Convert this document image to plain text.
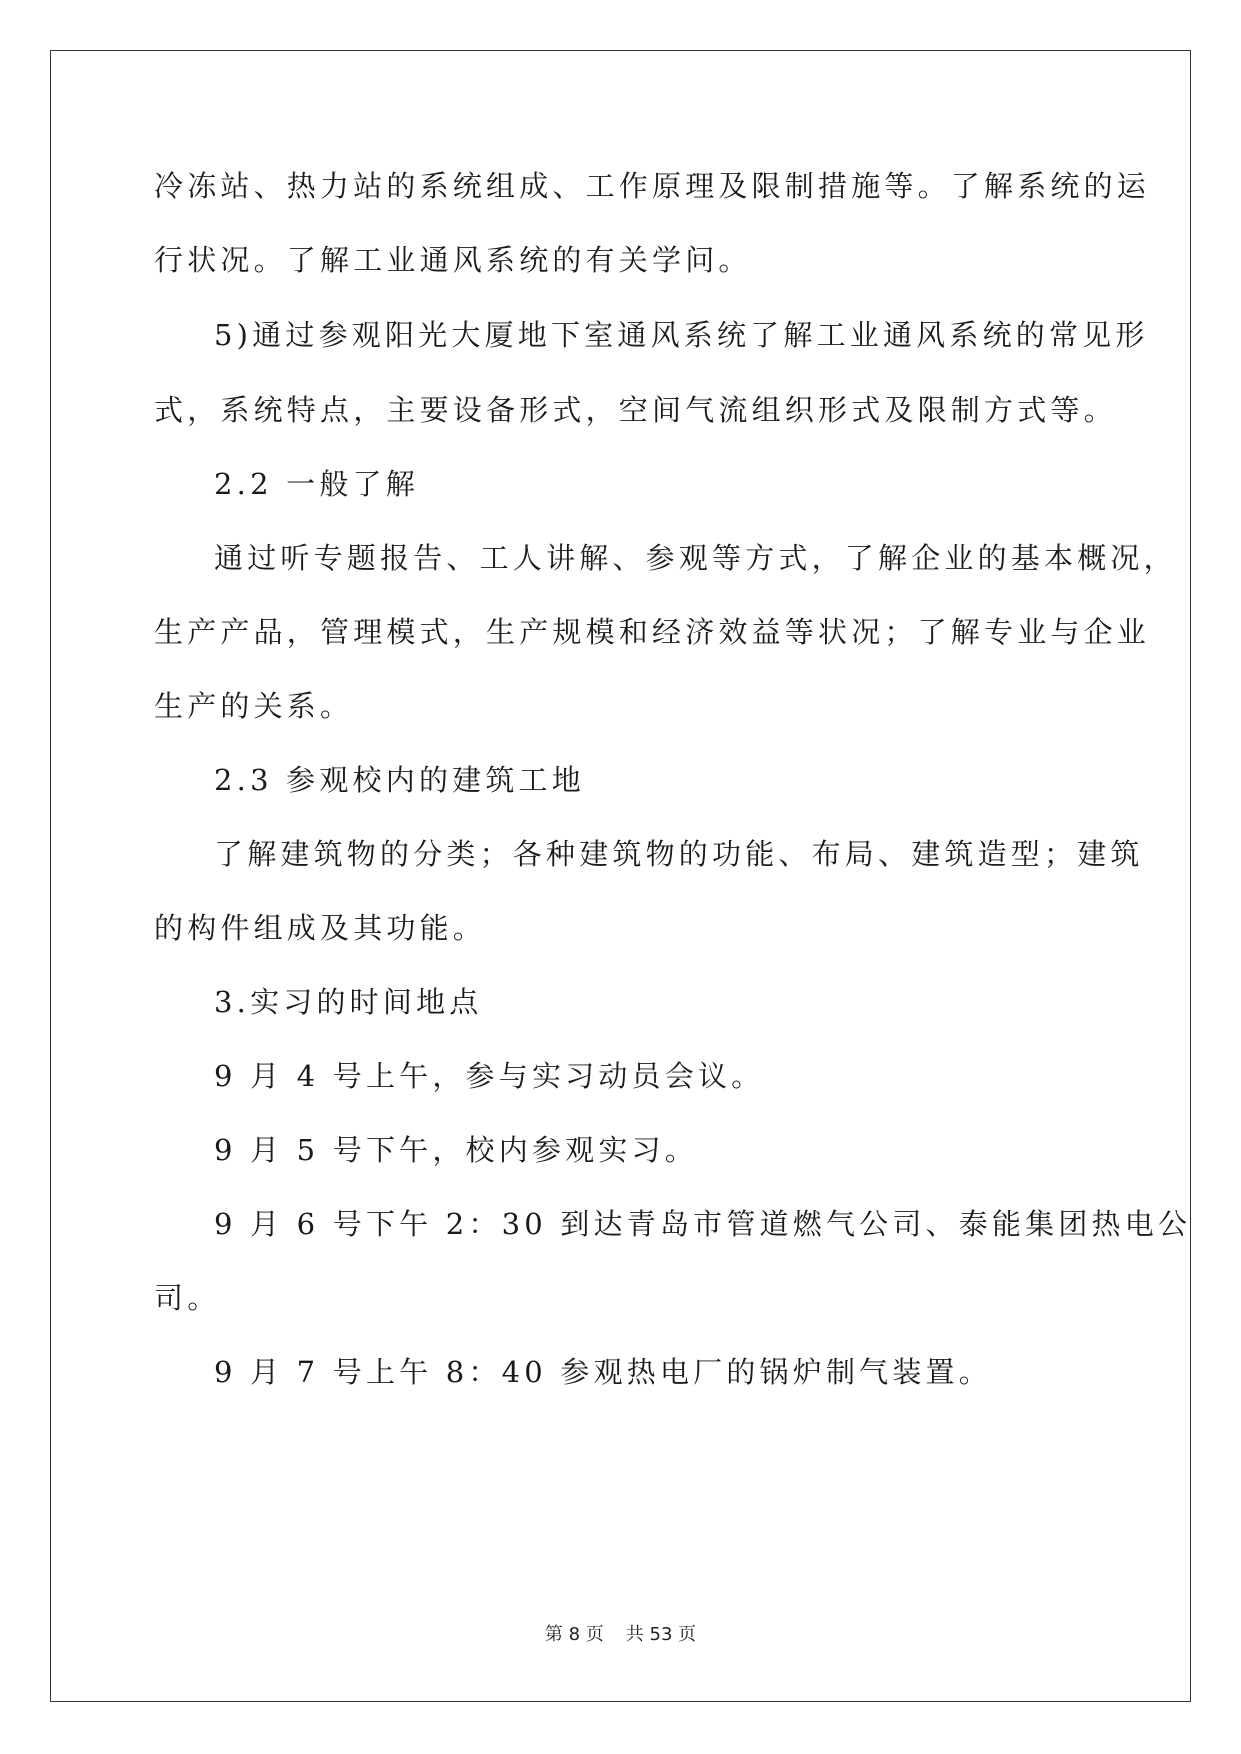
冷冻站、热力站的系统组成、工作原理及限制措施等。了解系统的运
行状况。了解工业通风系统的有关学问。
5)通过参观阳光大厦地下室通风系统了解工业通风系统的常见形
式，系统特点，主要设备形式，空间气流组织形式及限制方式等。
2.2 一般了解
通过听专题报告、工人讲解、参观等方式，了解企业的基本概况，
生产产品，管理模式，生产规模和经济效益等状况；了解专业与企业
生产的关系。
2.3 参观校内的建筑工地
了解建筑物的分类；各种建筑物的功能、布局、建筑造型；建筑
的构件组成及其功能。
3.实习的时间地点
9 月 4 号上午，参与实习动员会议。
9 月 5 号下午，校内参观实习。
9 月 6 号下午 2：30 到达青岛市管道燃气公司、泰能集团热电公
司。
9 月 7 号上午 8：40 参观热电厂的锅炉制气装置。
第 8 页 共 53 页
